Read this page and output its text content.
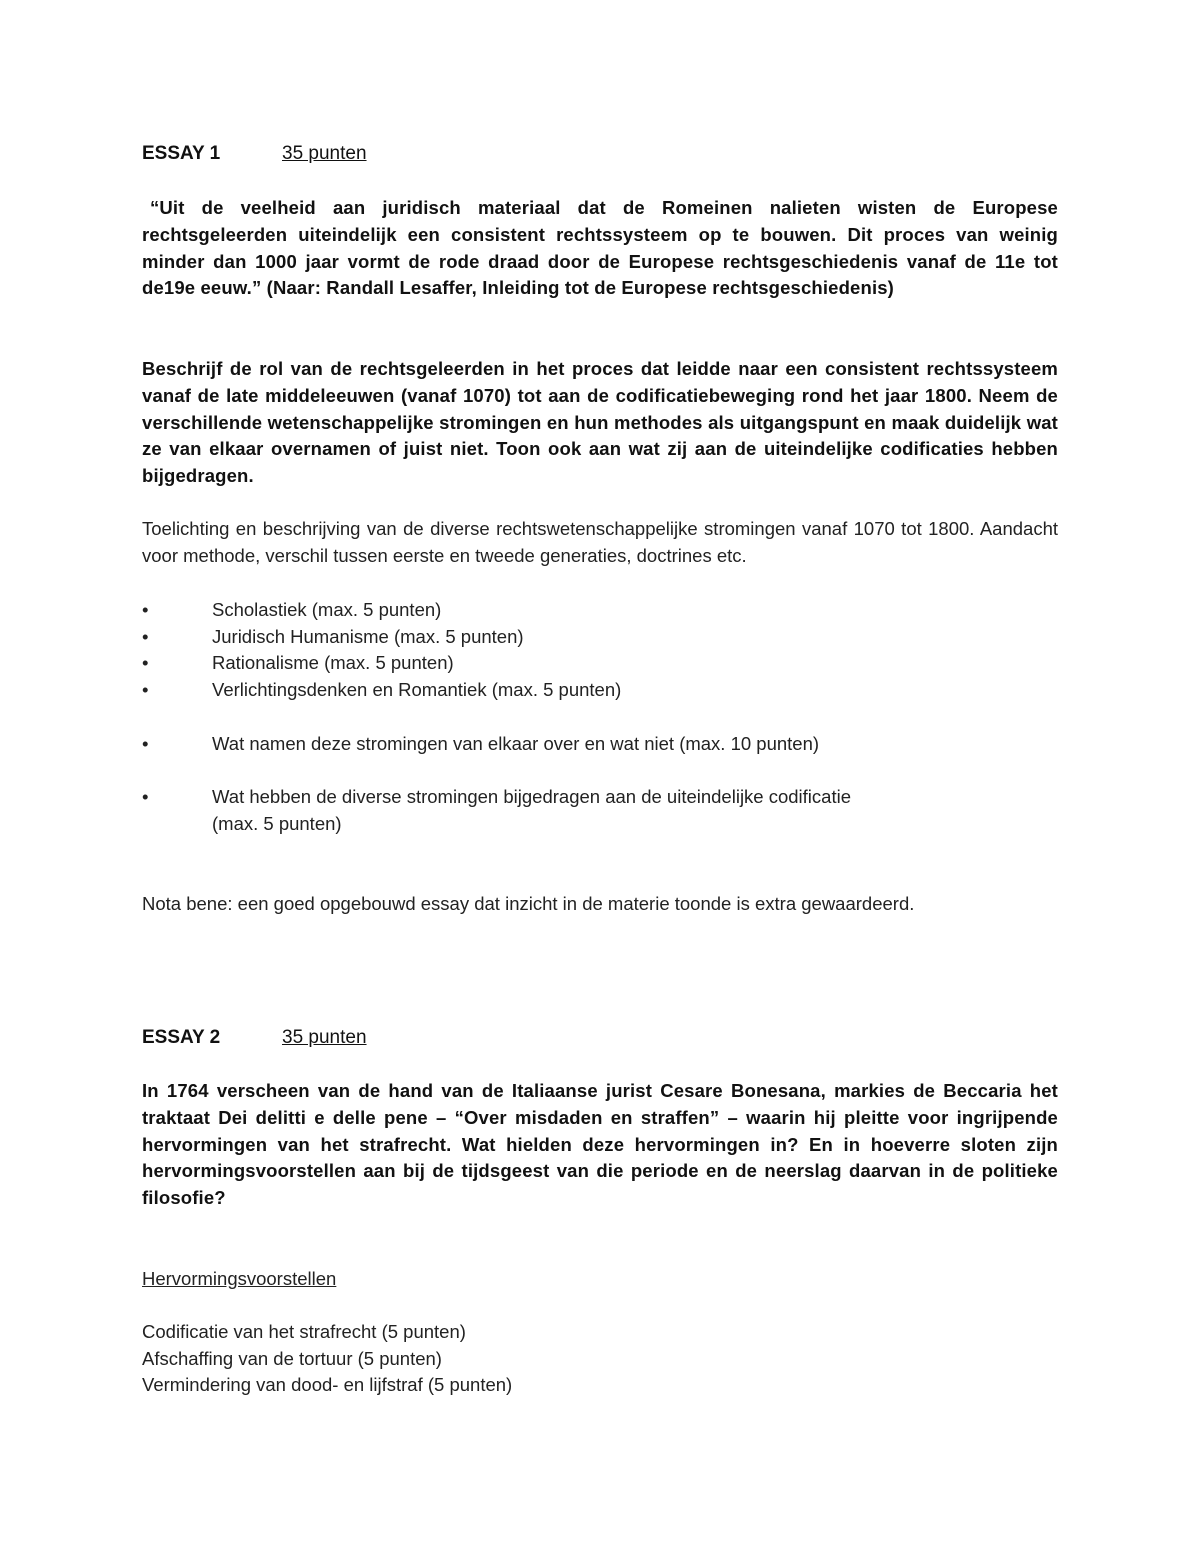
ESSAY 1	35 punten
“Uit de veelheid aan juridisch materiaal dat de Romeinen nalieten wisten de Europese rechtsgeleerden uiteindelijk een consistent rechtssysteem op te bouwen. Dit proces van weinig minder dan 1000 jaar vormt de rode draad door de Europese rechtsgeschiedenis vanaf de 11e tot de19e eeuw.” (Naar: Randall Lesaffer, Inleiding tot de Europese rechtsgeschiedenis)
Beschrijf de rol van de rechtsgeleerden in het proces dat leidde naar een consistent rechtssysteem vanaf de late middeleeuwen (vanaf 1070) tot aan de codificatiebeweging rond het jaar 1800. Neem de verschillende wetenschappelijke stromingen en hun methodes als uitgangspunt en maak duidelijk wat ze van elkaar overnamen of juist niet. Toon ook aan wat zij aan de uiteindelijke codificaties hebben bijgedragen.
Toelichting en beschrijving van de diverse rechtswetenschappelijke stromingen vanaf 1070 tot 1800. Aandacht voor methode, verschil tussen eerste en tweede generaties, doctrines etc.
•	Scholastiek (max. 5 punten)
•	Juridisch Humanisme (max. 5 punten)
•	Rationalisme (max. 5 punten)
•	Verlichtingsdenken en Romantiek (max. 5 punten)
•	Wat namen deze stromingen van elkaar over en wat niet (max. 10 punten)
•	Wat hebben de diverse stromingen bijgedragen aan de uiteindelijke codificatie
(max. 5 punten)
Nota bene: een goed opgebouwd essay dat inzicht in de materie toonde is extra gewaardeerd.
ESSAY 2	35 punten
In 1764 verscheen van de hand van de Italiaanse jurist Cesare Bonesana, markies de Beccaria het traktaat Dei delitti e delle pene – “Over misdaden en straffen” – waarin hij pleitte voor ingrijpende hervormingen van het strafrecht. Wat hielden deze hervormingen in? En in hoeverre sloten zijn hervormingsvoorstellen aan bij de tijdsgeest van die periode en de neerslag daarvan in de politieke filosofie?
Hervormingsvoorstellen
Codificatie van het strafrecht (5 punten)
Afschaffing van de tortuur (5 punten)
Vermindering van dood- en lijfstraf (5 punten)
